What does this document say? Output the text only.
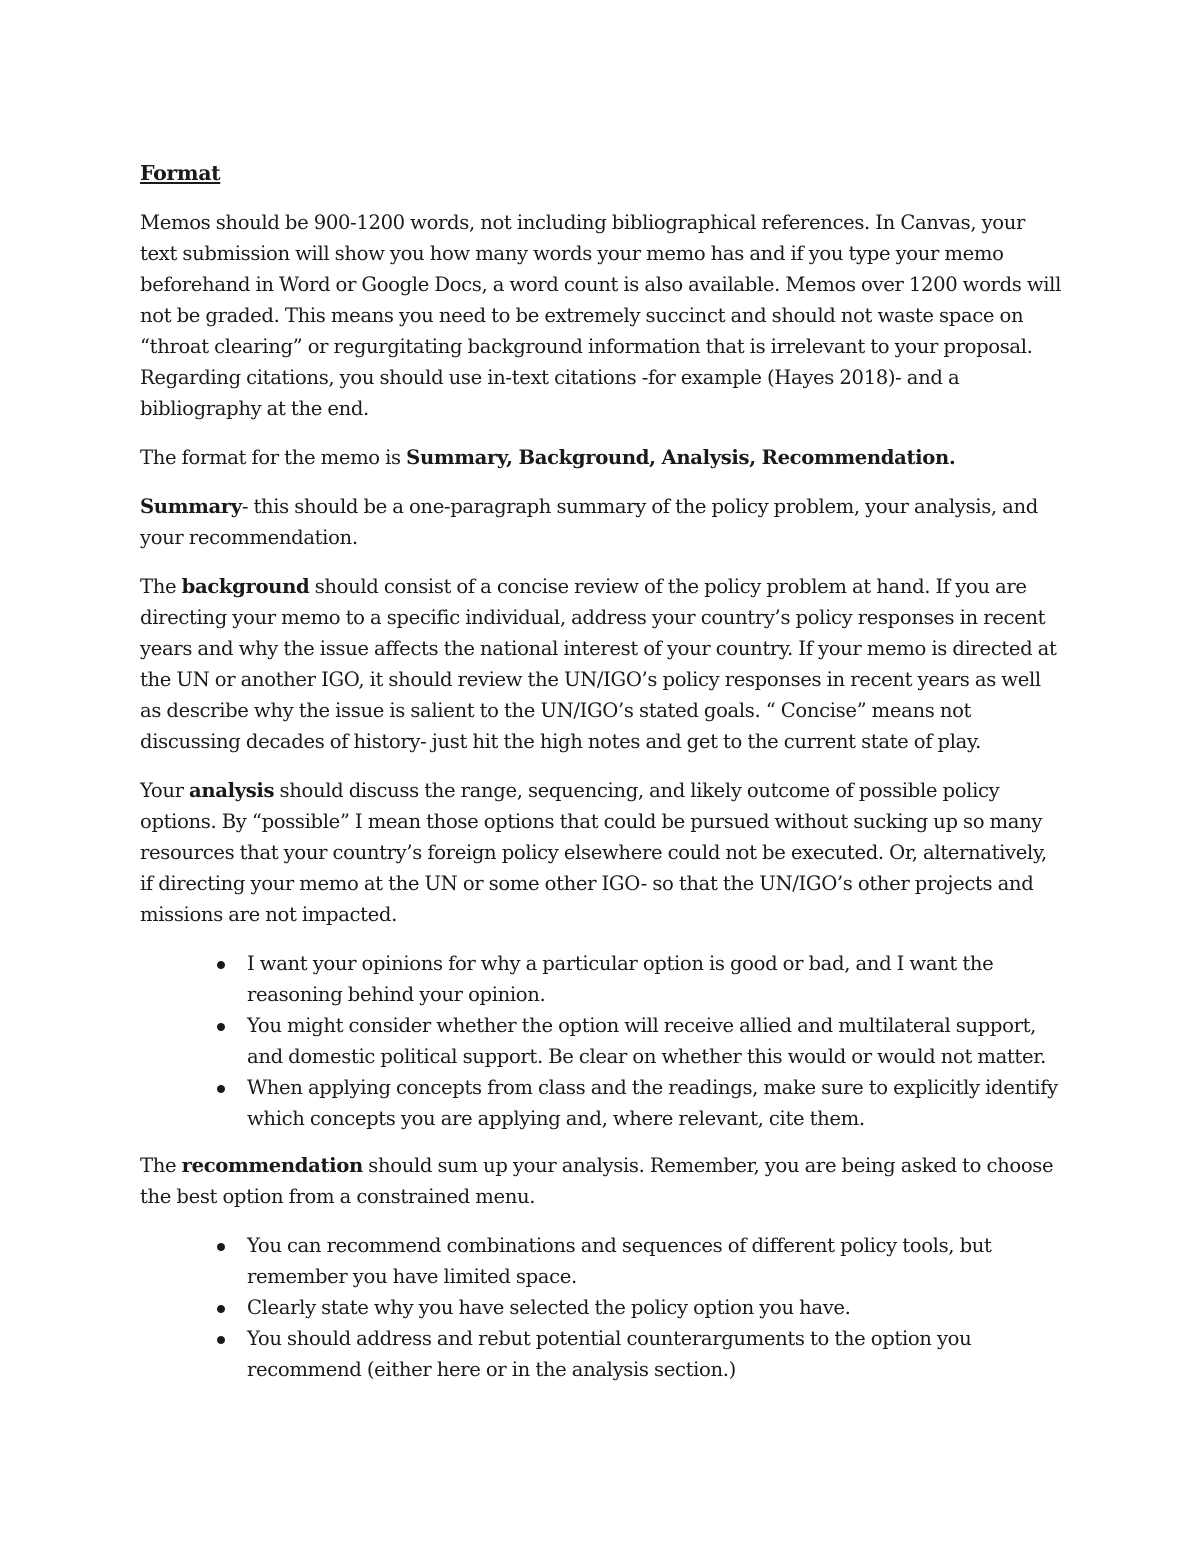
Format

Memos should be 900-1200 words, not including bibliographical references. In Canvas, your text submission will show you how many words your memo has and if you type your memo beforehand in Word or Google Docs, a word count is also available. Memos over 1200 words will not be graded. This means you need to be extremely succinct and should not waste space on “throat clearing” or regurgitating background information that is irrelevant to your proposal. Regarding citations, you should use in-text citations -for example (Hayes 2018)- and a bibliography at the end.

The format for the memo is Summary, Background, Analysis, Recommendation.

Summary- this should be a one-paragraph summary of the policy problem, your analysis, and your recommendation.

The background should consist of a concise review of the policy problem at hand. If you are directing your memo to a specific individual, address your country’s policy responses in recent years and why the issue affects the national interest of your country. If your memo is directed at the UN or another IGO, it should review the UN/IGO’s policy responses in recent years as well as describe why the issue is salient to the UN/IGO’s stated goals. “ Concise” means not discussing decades of history- just hit the high notes and get to the current state of play.

Your analysis should discuss the range, sequencing, and likely outcome of possible policy options. By “possible” I mean those options that could be pursued without sucking up so many resources that your country’s foreign policy elsewhere could not be executed. Or, alternatively, if directing your memo at the UN or some other IGO- so that the UN/IGO’s other projects and missions are not impacted.

I want your opinions for why a particular option is good or bad, and I want the reasoning behind your opinion.
You might consider whether the option will receive allied and multilateral support, and domestic political support. Be clear on whether this would or would not matter.
When applying concepts from class and the readings, make sure to explicitly identify which concepts you are applying and, where relevant, cite them.

The recommendation should sum up your analysis. Remember, you are being asked to choose the best option from a constrained menu.

You can recommend combinations and sequences of different policy tools, but remember you have limited space.
Clearly state why you have selected the policy option you have.
You should address and rebut potential counterarguments to the option you recommend (either here or in the analysis section.)
